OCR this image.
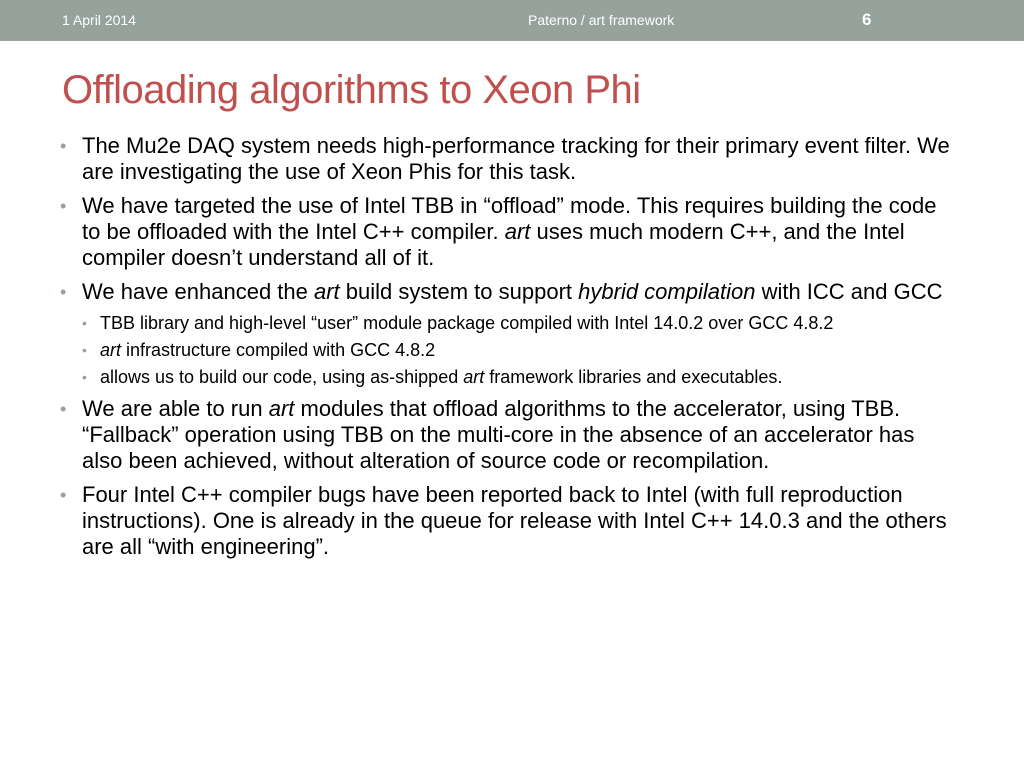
1 April 2014	Paterno / art framework	6
Offloading algorithms to Xeon Phi
• The Mu2e DAQ system needs high-performance tracking for their primary event filter. We are investigating the use of Xeon Phis for this task.
• We have targeted the use of Intel TBB in “offload” mode. This requires building the code to be offloaded with the Intel C++ compiler. art uses much modern C++, and the Intel compiler doesn’t understand all of it.
• We have enhanced the art build system to support hybrid compilation with ICC and GCC
• TBB library and high-level “user” module package compiled with Intel 14.0.2 over GCC 4.8.2
• art infrastructure compiled with GCC 4.8.2
• allows us to build our code, using as-shipped art framework libraries and executables.
• We are able to run art modules that offload algorithms to the accelerator, using TBB. “Fallback” operation using TBB on the multi-core in the absence of an accelerator has also been achieved, without alteration of source code or recompilation.
• Four Intel C++ compiler bugs have been reported back to Intel (with full reproduction instructions). One is already in the queue for release with Intel C++ 14.0.3 and the others are all “with engineering”.
